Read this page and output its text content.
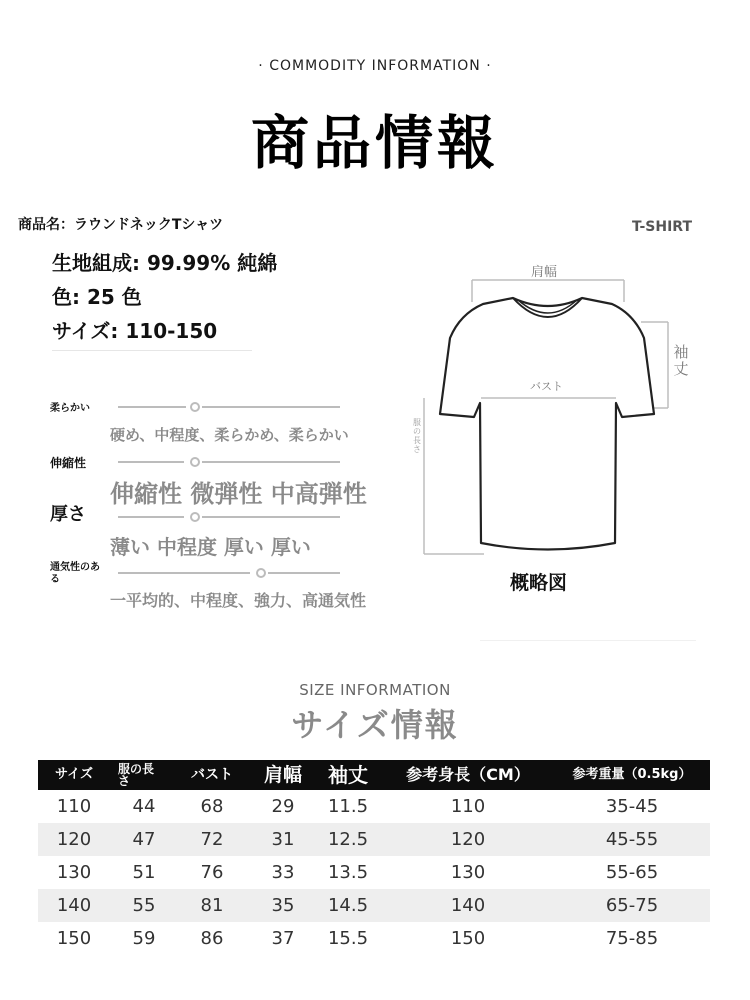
· COMMODITY INFORMATION ·
商品情報
商品名：ラウンドネックTシャツ
生地組成: 99.99% 純綿
色: 25 色
サイズ: 110-150
柔らかい
硬め、中程度、柔らかめ、柔らかい
伸縮性
伸縮性 微弾性 中高弾性
厚さ
薄い 中程度 厚い 厚い
通気性のある
一平均的、中程度、強力、高通気性
T-SHIRT
肩幅
バスト
袖丈
服の長さ
概略図
SIZE INFORMATION
サイズ情報
サイズ	服の長さ	バスト	肩幅	袖丈	参考身長（CM）	参考重量（0.5kg）
110	44	68	29	11.5	110	35-45
120	47	72	31	12.5	120	45-55
130	51	76	33	13.5	130	55-65
140	55	81	35	14.5	140	65-75
150	59	86	37	15.5	150	75-85
